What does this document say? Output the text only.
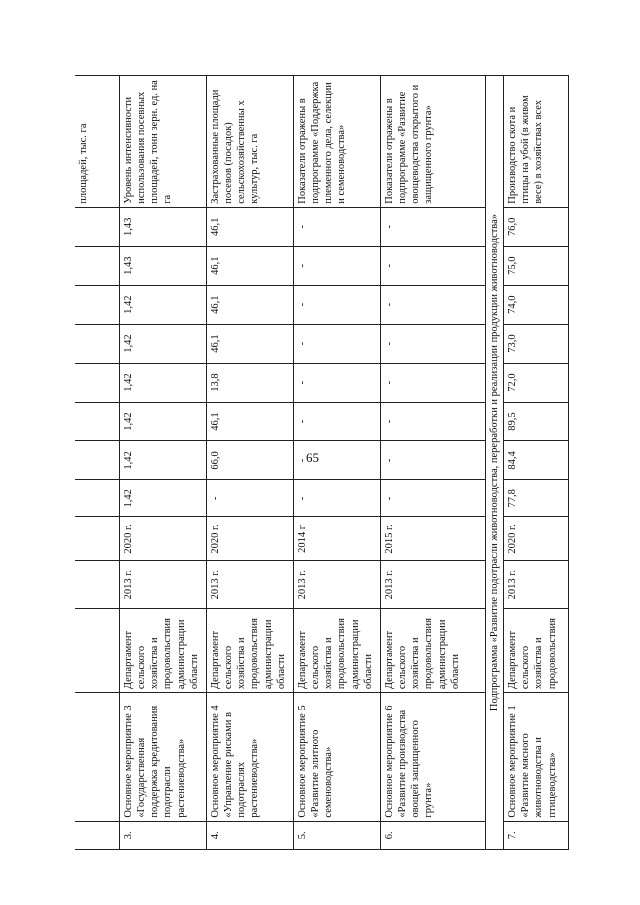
65
													площадей, тыс. га
3.	Основное мероприятие 3 «Государственная поддержка кредитования подотрасли растениеводства»	Департамент сельского хозяйства и продовольствия администрации области	2013 г.	2020 г.	1,42	1,42	1,42	1,42	1,42	1,42	1,43	1,43	Уровень интенсивности использования посевных площадей, тонн зерн. ед. на га
4.	Основное мероприятие 4 «Управление рисками в подотраслях растениеводства»	Департамент сельского хозяйства и продовольствия администрации области	2013 г.	2020 г.	-	66,0	46,1	13,8	46,1	46,1	46,1	46,1	Застрахованные площади посевов (посадок) сельскохозяйственны х культур, тыс. га
5.	Основное мероприятие 5 «Развитие элитного семеноводства»	Департамент сельского хозяйства и продовольствия администрации области	2013 г.	2014 г	-	-	-	-	-	-	-	-	Показатели отражены в подпрограмме «Поддержка племенного дела, селекции и семеноводства»
6.	Основное мероприятие 6 «Развитие производства овощей защищенного грунта»	Департамент сельского хозяйства и продовольствия администрации области	2013 г.	2015 г.	-	-	-	-	-	-	-	-	Показатели отражены в подпрограмме «Развитие овощеводства открытого и защищенного грунта»
Подпрограмма «Развитие подотрасли животноводства, переработки и реализации продукции животноводства»													
7.	Основное мероприятие 1 «Развитие мясного животноводства и птицеводства»	Департамент сельского хозяйства и продовольствия	2013 г.	2020 г.	77,8	84,4	89,5	72,0	73,0	74,0	75,0	76,0	Производство скота и птицы на убой (в живом весе) в хозяйствах всех
